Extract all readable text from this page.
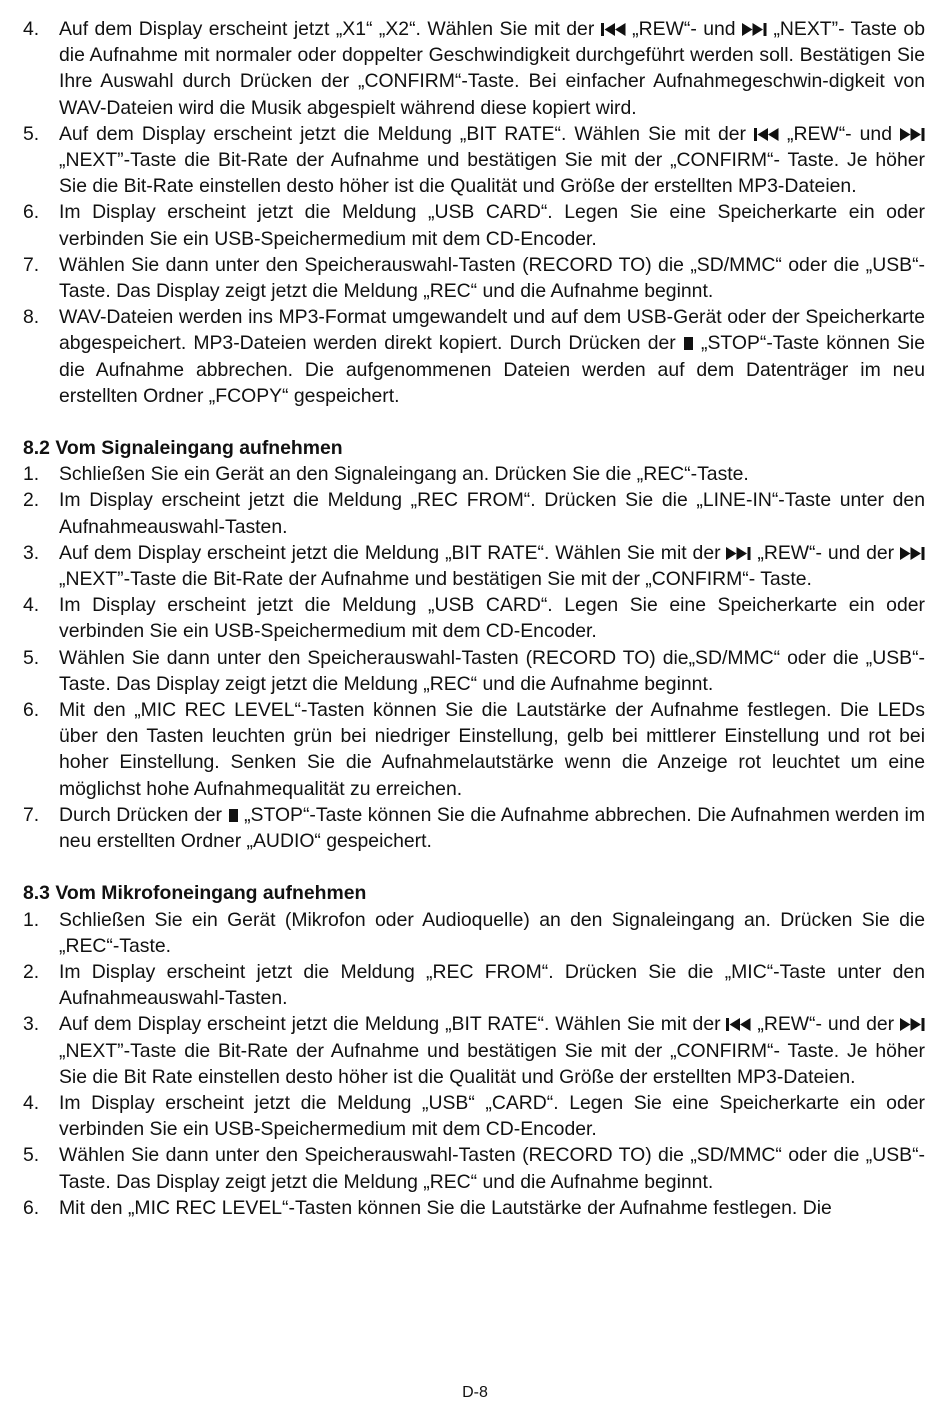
4. Auf dem Display erscheint jetzt „X1“ „X2“. Wählen Sie mit der „REW“- und „NEXT”- Taste ob die Aufnahme mit normaler oder doppelter Geschwindigkeit durchgeführt werden soll. Bestätigen Sie Ihre Auswahl durch Drücken der „CONFIRM“-Taste. Bei einfacher Aufnahmegeschwin-digkeit von WAV-Dateien wird die Musik abgespielt während diese kopiert wird.
5. Auf dem Display erscheint jetzt die Meldung „BIT RATE“. Wählen Sie mit der „REW“- und
„NEXT”-Taste die Bit-Rate der Aufnahme und bestätigen Sie mit der „CONFIRM“- Taste. Je höher Sie die Bit-Rate einstellen desto höher ist die Qualität und Größe der erstellten MP3-Dateien.
6. Im Display erscheint jetzt die Meldung „USB CARD“. Legen Sie eine Speicherkarte ein oder verbinden Sie ein USB-Speichermedium mit dem CD-Encoder.
7. Wählen Sie dann unter den Speicherauswahl-Tasten (RECORD TO) die „SD/MMC“ oder die „USB“-Taste. Das Display zeigt jetzt die Meldung „REC“ und die Aufnahme beginnt.
8. WAV-Dateien werden ins MP3-Format umgewandelt und auf dem USB-Gerät oder der Speicherkarte abgespeichert. MP3-Dateien werden direkt kopiert. Durch Drücken der „STOP“-Taste können Sie die Aufnahme abbrechen. Die aufgenommenen Dateien werden auf dem Datenträger im neu erstellten Ordner „FCOPY“ gespeichert.
8.2 Vom Signaleingang aufnehmen
1. Schließen Sie ein Gerät an den Signaleingang an. Drücken Sie die „REC“-Taste.
2. Im Display erscheint jetzt die Meldung „REC FROM“. Drücken Sie die „LINE-IN“-Taste unter den Aufnahmeauswahl-Tasten.
3. Auf dem Display erscheint jetzt die Meldung „BIT RATE“. Wählen Sie mit der „REW“- und der
„NEXT”-Taste die Bit-Rate der Aufnahme und bestätigen Sie mit der „CONFIRM“- Taste.
4. Im Display erscheint jetzt die Meldung „USB CARD“. Legen Sie eine Speicherkarte ein oder verbinden Sie ein USB-Speichermedium mit dem CD-Encoder.
5. Wählen Sie dann unter den Speicherauswahl-Tasten (RECORD TO) die„SD/MMC“ oder die „USB“-Taste. Das Display zeigt jetzt die Meldung „REC“ und die Aufnahme beginnt.
6. Mit den „MIC REC LEVEL“-Tasten können Sie die Lautstärke der Aufnahme festlegen. Die LEDs über den Tasten leuchten grün bei niedriger Einstellung, gelb bei mittlerer Einstellung und rot bei hoher Einstellung. Senken Sie die Aufnahmelautstärke wenn die Anzeige rot leuchtet um eine möglichst hohe Aufnahmequalität zu erreichen.
7. Durch Drücken der „STOP“-Taste können Sie die Aufnahme abbrechen. Die Aufnahmen werden im neu erstellten Ordner „AUDIO“ gespeichert.
8.3 Vom Mikrofoneingang aufnehmen
1. Schließen Sie ein Gerät (Mikrofon oder Audioquelle) an den Signaleingang an. Drücken Sie die „REC“-Taste.
2. Im Display erscheint jetzt die Meldung „REC FROM“. Drücken Sie die „MIC“-Taste unter den Aufnahmeauswahl-Tasten.
3. Auf dem Display erscheint jetzt die Meldung „BIT RATE“. Wählen Sie mit der „REW“- und der
„NEXT”-Taste die Bit-Rate der Aufnahme und bestätigen Sie mit der „CONFIRM“- Taste. Je höher Sie die Bit Rate einstellen desto höher ist die Qualität und Größe der erstellten MP3-Dateien.
4. Im Display erscheint jetzt die Meldung „USB“ „CARD“. Legen Sie eine Speicherkarte ein oder verbinden Sie ein USB-Speichermedium mit dem CD-Encoder.
5. Wählen Sie dann unter den Speicherauswahl-Tasten (RECORD TO) die „SD/MMC“ oder die „USB“-Taste. Das Display zeigt jetzt die Meldung „REC“ und die Aufnahme beginnt.
6. Mit den „MIC REC LEVEL“-Tasten können Sie die Lautstärke der Aufnahme festlegen. Die
D-8
